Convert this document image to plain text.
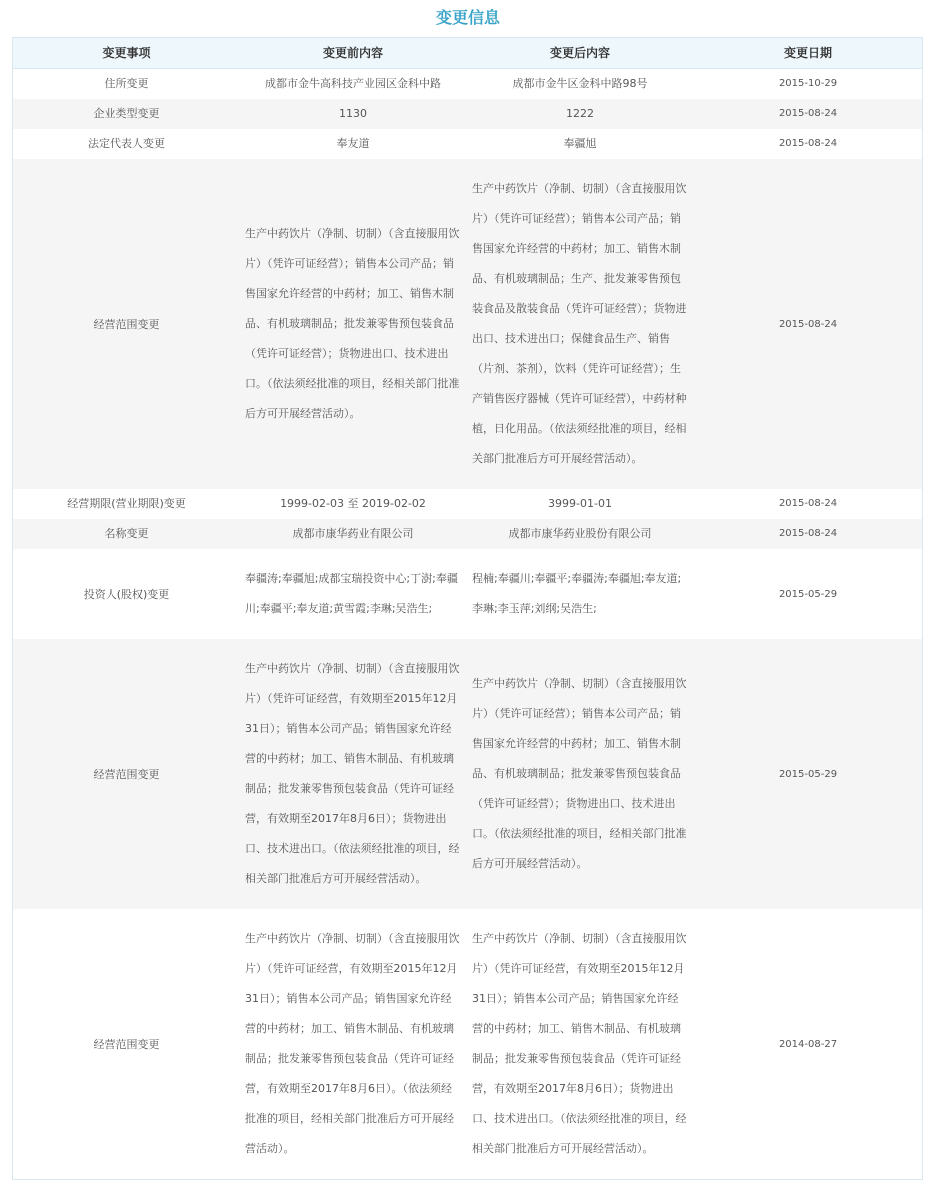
变更信息
变更事项	变更前内容	变更后内容	变更日期
住所变更	成都市金牛高科技产业园区金科中路	成都市金牛区金科中路98号	2015-10-29
企业类型变更	1130	1222	2015-08-24
法定代表人变更	奉友道	奉疆旭	2015-08-24
经营范围变更	生产中药饮片（净制、切制）（含直接服用饮片）（凭许可证经营）；销售本公司产品；销售国家允许经营的中药材；加工、销售木制品、有机玻璃制品；批发兼零售预包装食品（凭许可证经营）；货物进出口、技术进出口。（依法须经批准的项目，经相关部门批准后方可开展经营活动）。	生产中药饮片（净制、切制）（含直接服用饮片）（凭许可证经营）；销售本公司产品；销售国家允许经营的中药材；加工、销售木制品、有机玻璃制品；生产、批发兼零售预包装食品及散装食品（凭许可证经营）；货物进出口、技术进出口；保健食品生产、销售（片剂、茶剂），饮料（凭许可证经营）；生产销售医疗器械（凭许可证经营），中药材种植，日化用品。（依法须经批准的项目，经相关部门批准后方可开展经营活动）。	2015-08-24
经营期限(营业期限)变更	1999-02-03 至 2019-02-02	3999-01-01	2015-08-24
名称变更	成都市康华药业有限公司	成都市康华药业股份有限公司	2015-08-24
投资人(股权)变更	奉疆涛;奉疆旭;成都宝瑞投资中心;丁澍;奉疆川;奉疆平;奉友道;黄雪霞;李琳;吴浩生;	程楠;奉疆川;奉疆平;奉疆涛;奉疆旭;奉友道;李琳;李玉萍;刘纲;吴浩生;	2015-05-29
经营范围变更	生产中药饮片（净制、切制）（含直接服用饮片）（凭许可证经营，有效期至2015年12月31日）；销售本公司产品；销售国家允许经营的中药材；加工、销售木制品、有机玻璃制品；批发兼零售预包装食品（凭许可证经营，有效期至2017年8月6日）；货物进出口、技术进出口。（依法须经批准的项目，经相关部门批准后方可开展经营活动）。	生产中药饮片（净制、切制）（含直接服用饮片）（凭许可证经营）；销售本公司产品；销售国家允许经营的中药材；加工、销售木制品、有机玻璃制品；批发兼零售预包装食品（凭许可证经营）；货物进出口、技术进出口。（依法须经批准的项目，经相关部门批准后方可开展经营活动）。	2015-05-29
经营范围变更	生产中药饮片（净制、切制）（含直接服用饮片）（凭许可证经营，有效期至2015年12月31日）；销售本公司产品；销售国家允许经营的中药材；加工、销售木制品、有机玻璃制品；批发兼零售预包装食品（凭许可证经营，有效期至2017年8月6日）。（依法须经批准的项目，经相关部门批准后方可开展经营活动）。	生产中药饮片（净制、切制）（含直接服用饮片）（凭许可证经营，有效期至2015年12月31日）；销售本公司产品；销售国家允许经营的中药材；加工、销售木制品、有机玻璃制品；批发兼零售预包装食品（凭许可证经营，有效期至2017年8月6日）；货物进出口、技术进出口。（依法须经批准的项目，经相关部门批准后方可开展经营活动）。	2014-08-27
